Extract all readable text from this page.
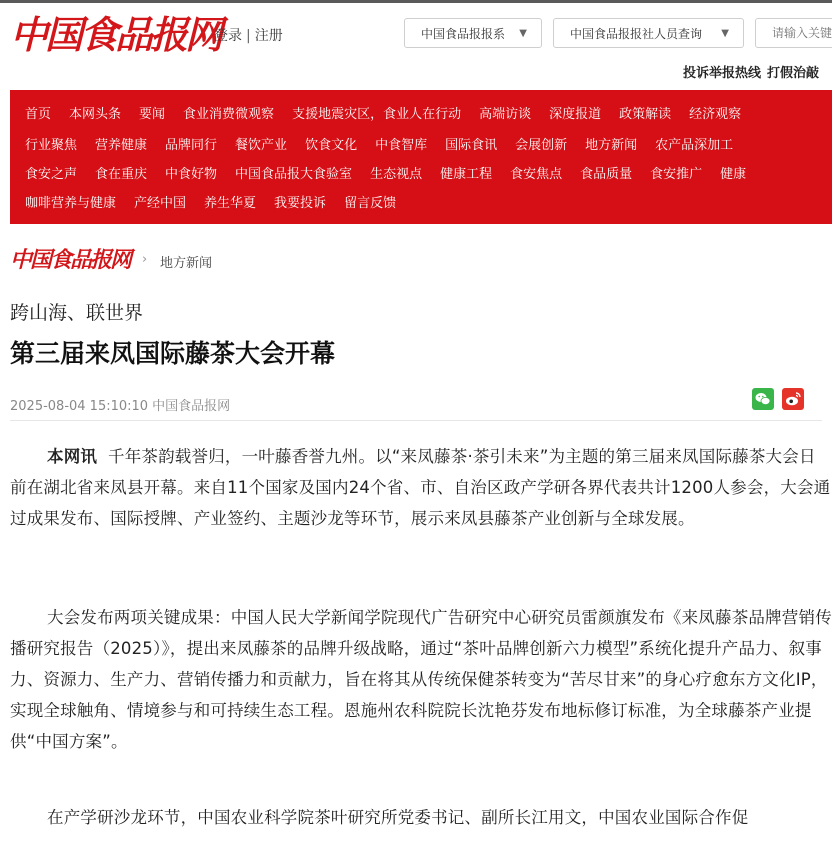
中国食品报网
登录 | 注册	中国食品报报系 ▼	中国食品报报社人员查询 ▼
请输入关键词
投诉举报热线 打假治敲
首页 本网头条 要闻 食业消费微观察 支援地震灾区，食业人在行动 高端访谈 深度报道 政策解读 经济观察
行业聚焦 营养健康 品牌同行 餐饮产业 饮食文化 中食智库 国际食讯 会展创新 地方新闻 农产品深加工
食安之声 食在重庆 中食好物 中国食品报大食验室 生态视点 健康工程 食安焦点 食品质量 食安推广 健康
咖啡营养与健康 产经中国 养生华夏 我要投诉 留言反馈
中国食品报网 › 地方新闻
跨山海、联世界
第三届来凤国际藤茶大会开幕
2025-08-04 15:10:10 中国食品报网

本网讯 千年茶韵载誉归，一叶藤香誉九州。以“来凤藤茶·茶引未来”为主题的第三届来凤国际藤茶大会日前在湖北省来凤县开幕。来自11个国家及国内24个省、市、自治区政产学研各界代表共计1200人参会，大会通过成果发布、国际授牌、产业签约、主题沙龙等环节，展示来凤县藤茶产业创新与全球发展。

大会发布两项关键成果：中国人民大学新闻学院现代广告研究中心研究员雷颜旗发布《来凤藤茶品牌营销传播研究报告（2025）》，提出来凤藤茶的品牌升级战略，通过“茶叶品牌创新六力模型”系统化提升产品力、叙事力、资源力、生产力、营销传播力和贡献力，旨在将其从传统保健茶转变为“苦尽甘来”的身心疗愈东方文化IP，实现全球触角、情境参与和可持续生态工程。恩施州农科院院长沈艳芬发布地标修订标准，为全球藤茶产业提供“中国方案”。

在产学研沙龙环节，中国农业科学院茶叶研究所党委书记、副所长江用文，中国农业国际合作促
